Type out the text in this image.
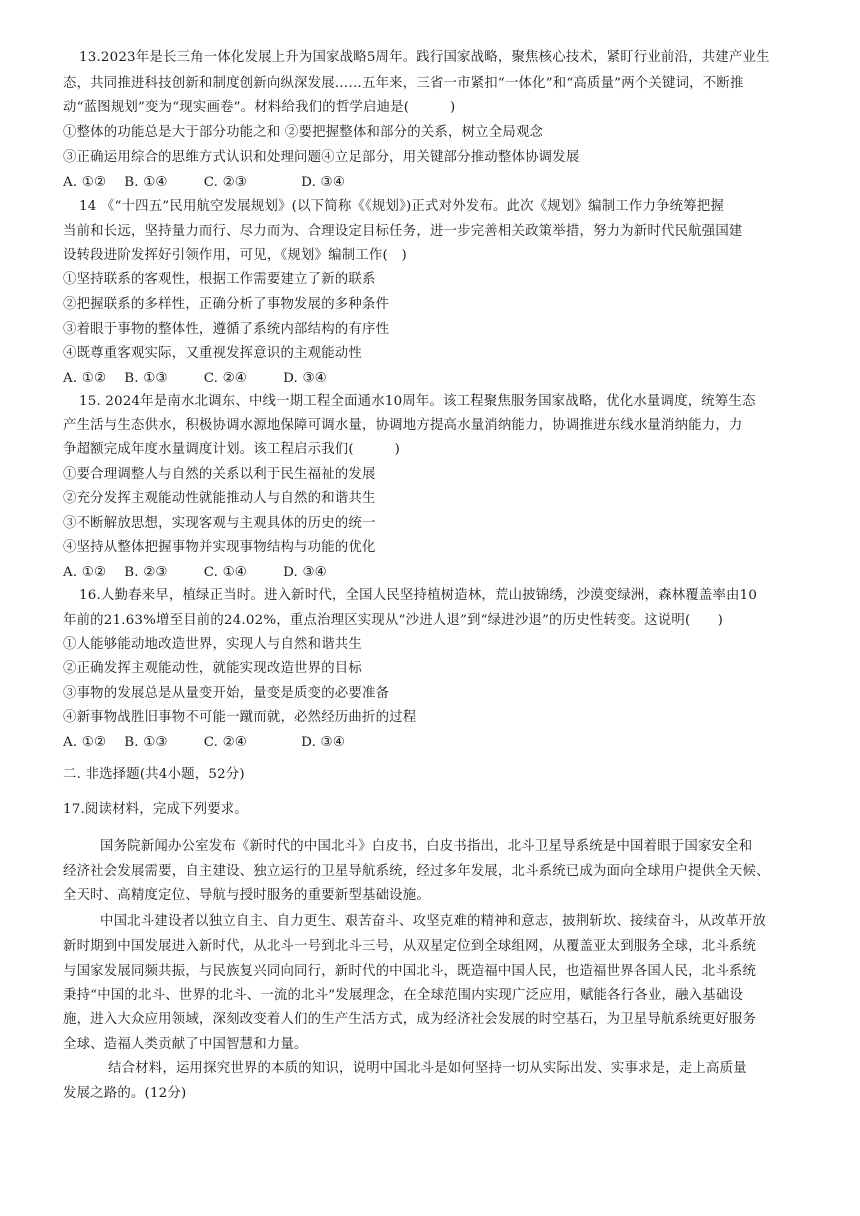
13.2023年是长三角一体化发展上升为国家战略5周年。践行国家战略，聚焦核心技术，紧盯行业前沿，共建产业生
态，共同推进科技创新和制度创新向纵深发展……五年来，三省一市紧扣“一体化”和“高质量”两个关键词，不断推
动“蓝图规划”变为“现实画卷”。材料给我们的哲学启迪是(　　　)
①整体的功能总是大于部分功能之和 ②要把握整体和部分的关系，树立全局观念
③正确运用综合的思维方式认识和处理问题④立足部分，用关键部分推动整体协调发展
A. ①②　 B. ①④　 　 C. ②③　 　 　 D. ③④
14 《“十四五”民用航空发展规划》(以下简称《《规划》)正式对外发布。此次《规划》编制工作力争统筹把握
当前和长远，坚持量力而行、尽力而为、合理设定目标任务，进一步完善相关政策举措，努力为新时代民航强国建
设转段进阶发挥好引领作用，可见，《规划》编制工作(　)
①坚持联系的客观性，根据工作需要建立了新的联系
②把握联系的多样性，正确分析了事物发展的多种条件
③着眼于事物的整体性，遵循了系统内部结构的有序性
④既尊重客观实际，又重视发挥意识的主观能动性
A. ①②　 B. ①③　 　 C. ②④　 　 D. ③④
15. 2024年是南水北调东、中线一期工程全面通水10周年。该工程聚焦服务国家战略，优化水量调度，统筹生态
产生活与生态供水，积极协调水源地保障可调水量，协调地方提高水量消纳能力，协调推进东线水量消纳能力，力
争超额完成年度水量调度计划。该工程启示我们(　　　)
①要合理调整人与自然的关系以利于民生福祉的发展
②充分发挥主观能动性就能推动人与自然的和谐共生
③不断解放思想，实现客观与主观具体的历史的统一
④坚持从整体把握事物并实现事物结构与功能的优化
A. ①②　 B. ②③　 　 C. ①④　 　 D. ③④
16.人勤春来早，植绿正当时。进入新时代，全国人民坚持植树造林，荒山披锦绣，沙漠变绿洲，森林覆盖率由10
年前的21.63%增至目前的24.02%，重点治理区实现从“沙进人退”到“绿进沙退”的历史性转变。这说明(　　)
①人能够能动地改造世界，实现人与自然和谐共生
②正确发挥主观能动性，就能实现改造世界的目标
③事物的发展总是从量变开始，量变是质变的必要准备
④新事物战胜旧事物不可能一蹴而就，必然经历曲折的过程
A. ①②　 B. ①③　 　 C. ②④　 　 　 D. ③④
二. 非选择题(共4小题，52分)
17.阅读材料，完成下列要求。
国务院新闻办公室发布《新时代的中国北斗》白皮书，白皮书指出，北斗卫星导系统是中国着眼于国家安全和
经济社会发展需要，自主建设、独立运行的卫星导航系统，经过多年发展，北斗系统已成为面向全球用户提供全天候、
全天时、高精度定位、导航与授时服务的重要新型基础设施。
中国北斗建设者以独立自主、自力更生、艰苦奋斗、攻坚克难的精神和意志，披荆斩坎、接续奋斗，从改革开放
新时期到中国发展进入新时代，从北斗一号到北斗三号，从双星定位到全球组网，从覆盖亚太到服务全球，北斗系统
与国家发展同频共振，与民族复兴同向同行，新时代的中国北斗，既造福中国人民，也造福世界各国人民，北斗系统
秉持“中国的北斗、世界的北斗、一流的北斗”发展理念，在全球范围内实现广泛应用，赋能各行各业，融入基础设
施，进入大众应用领域，深刻改变着人们的生产生活方式，成为经济社会发展的时空基石，为卫星导航系统更好服务
全球、造福人类贡献了中国智慧和力量。
结合材料，运用探究世界的本质的知识，说明中国北斗是如何坚持一切从实际出发、实事求是，走上高质量
发展之路的。(12分)
